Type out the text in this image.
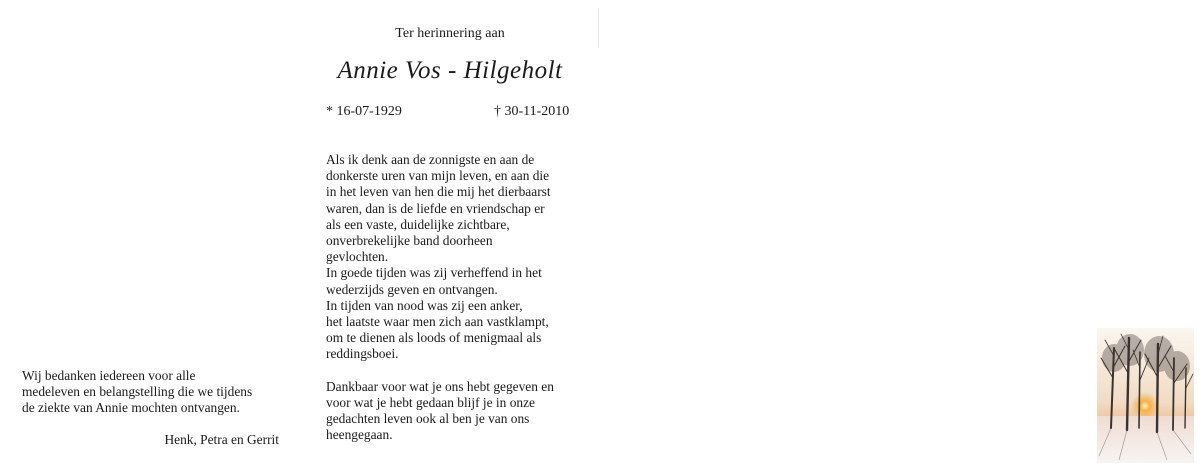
Wij bedanken iedereen voor alle
medeleven en belangstelling die we tijdens
de ziekte van Annie mochten ontvangen.
Henk, Petra en Gerrit
Ter herinnering aan
Annie Vos - Hilgeholt
* 16-07-1929	† 30-11-2010
Als ik denk aan de zonnigste en aan de
donkerste uren van mijn leven, en aan die
in het leven van hen die mij het dierbaarst
waren, dan is de liefde en vriendschap er
als een vaste, duidelijke zichtbare,
onverbrekelijke band doorheen
gevlochten.
In goede tijden was zij verheffend in het
wederzijds geven en ontvangen.
In tijden van nood was zij een anker,
het laatste waar men zich aan vastklampt,
om te dienen als loods of menigmaal als
reddingsboei.
Dankbaar voor wat je ons hebt gegeven en
voor wat je hebt gedaan blijf je in onze
gedachten leven ook al ben je van ons
heengegaan.
